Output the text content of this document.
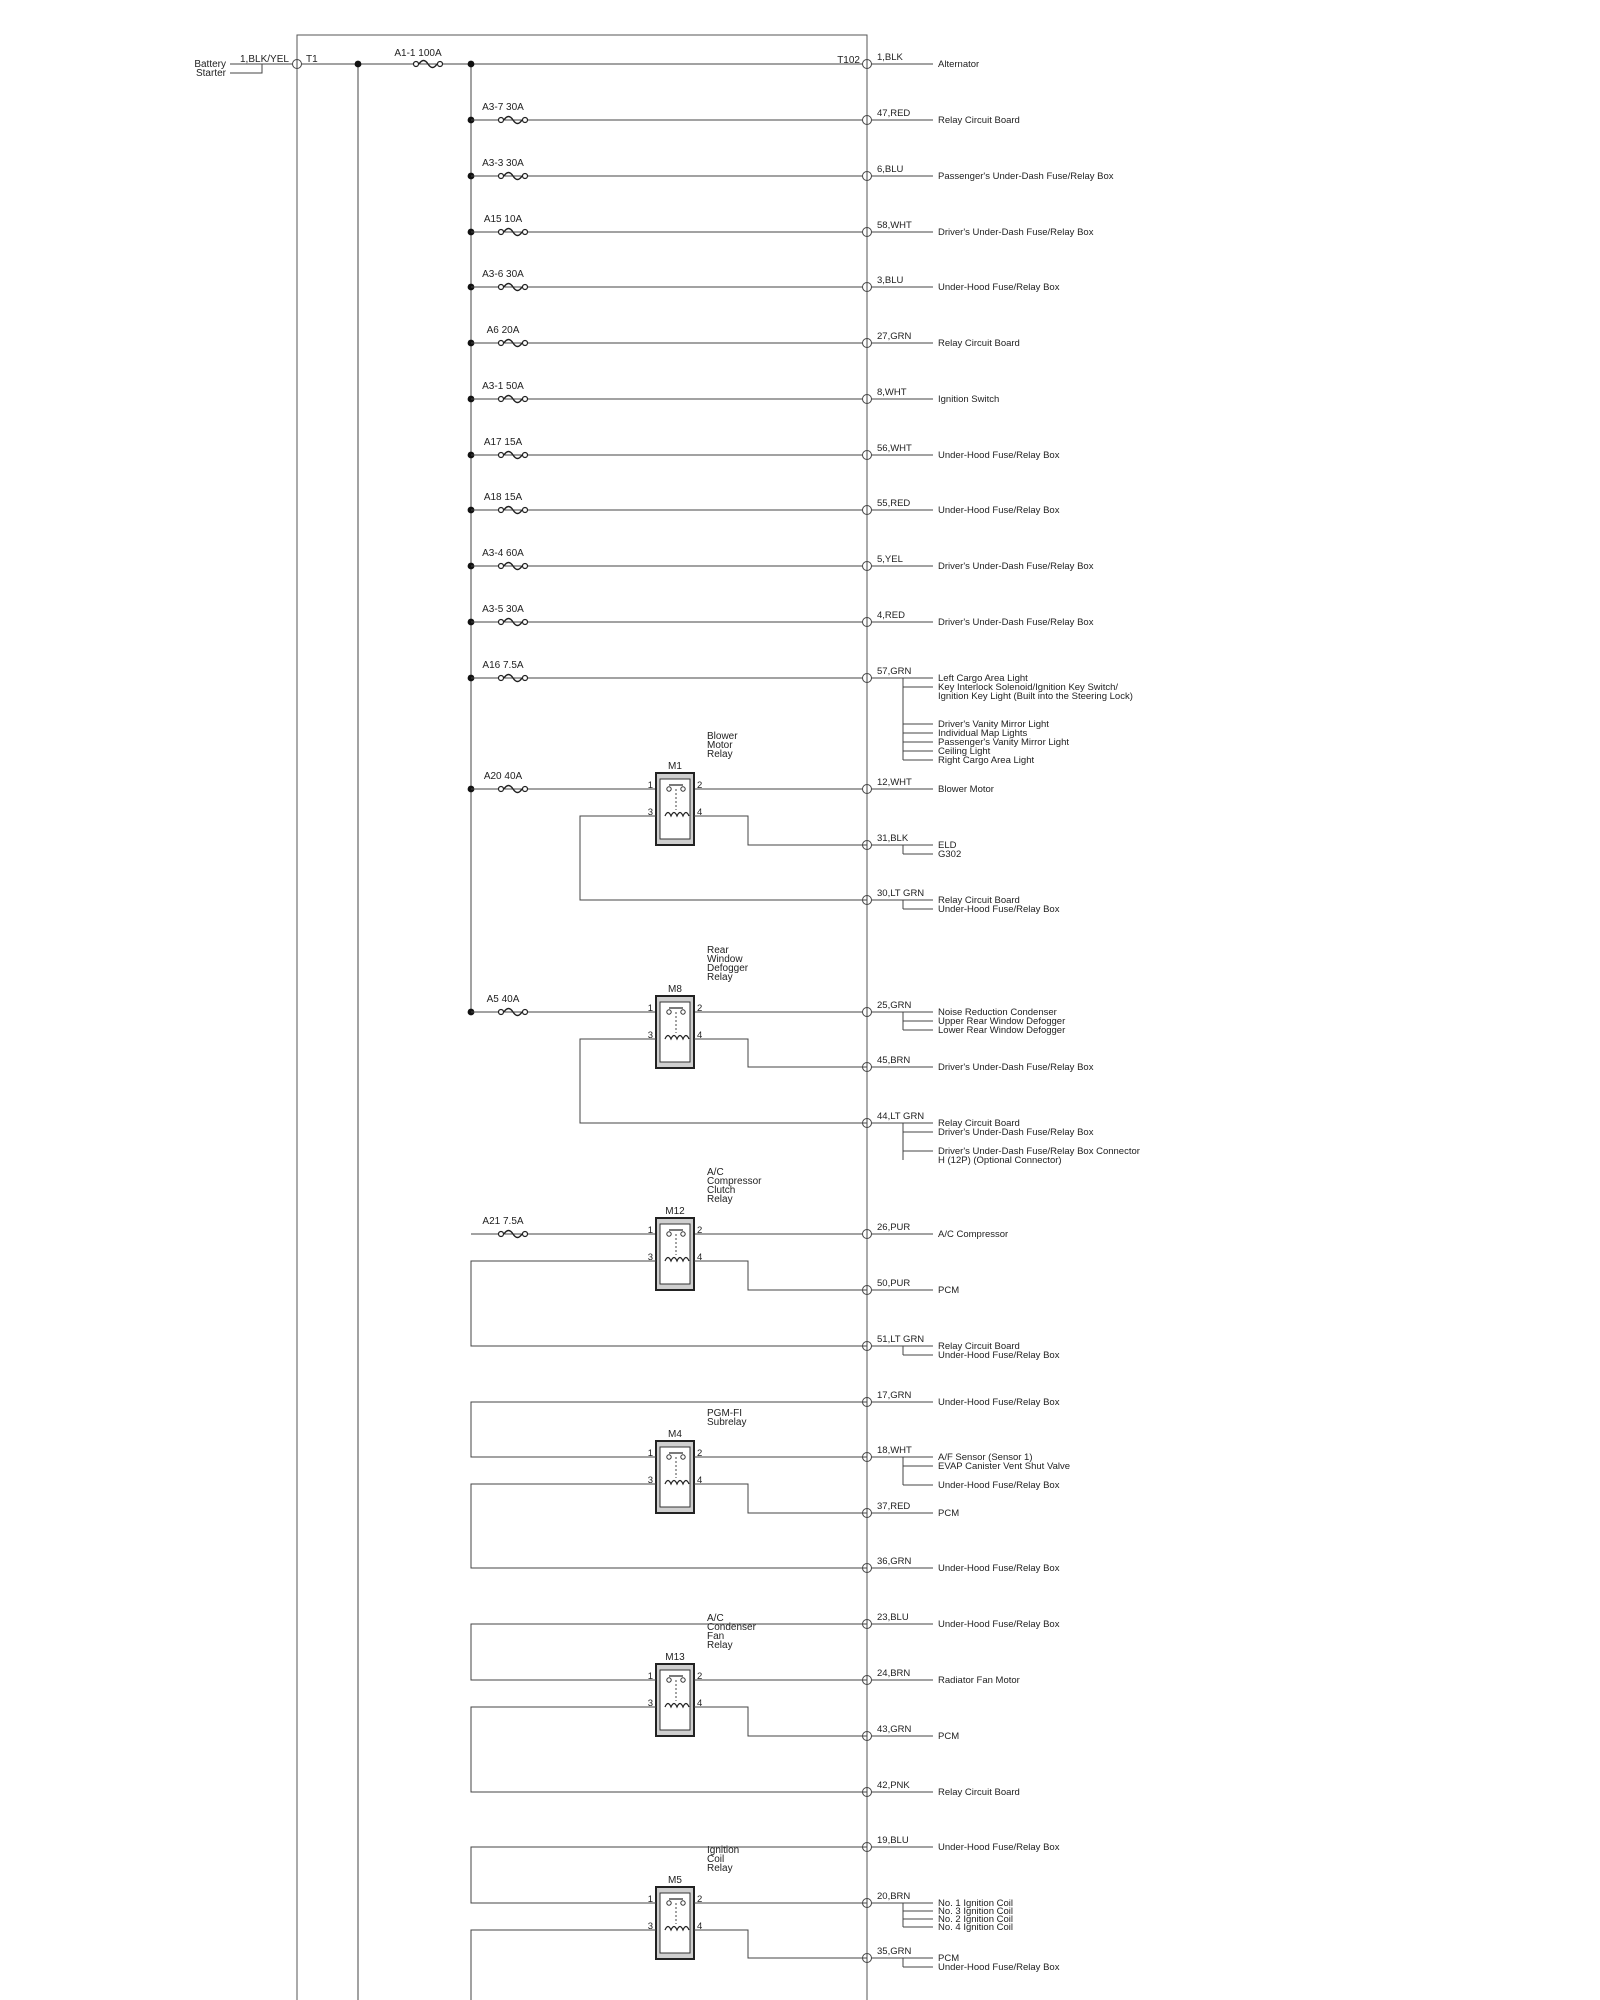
Battery
Starter
1,BLK/YEL T1
A1-1 100A
T102 1,BLK
Alternator
A3-7 30A
47,RED
Relay Circuit Board
A3-3 30A
6,BLU
Passenger's Under-Dash Fuse/Relay Box
A15 10A
58,WHT
Driver's Under-Dash Fuse/Relay Box
A3-6 30A
3,BLU
Under-Hood Fuse/Relay Box
A6 20A
27,GRN
Relay Circuit Board
A3-1 50A
8,WHT
Ignition Switch
A17 15A
56,WHT
Under-Hood Fuse/Relay Box
A18 15A
55,RED
Under-Hood Fuse/Relay Box
A3-4 60A
5,YEL
Driver's Under-Dash Fuse/Relay Box
A3-5 30A
4,RED
Driver's Under-Dash Fuse/Relay Box
A16 7.5A
57,GRN
Left Cargo Area Light
Key Interlock Solenoid/Ignition Key Switch/
Ignition Key Light (Built into the Steering Lock)
Driver's Vanity Mirror Light
Individual Map Lights
Passenger's Vanity Mirror Light
Ceiling Light
Right Cargo Area Light
A20 40A
12,WHT
Blower Motor
31,BLK
ELD
G302
30,LT GRN
Relay Circuit Board
Under-Hood Fuse/Relay Box
A5 40A
25,GRN
Noise Reduction Condenser
Upper Rear Window Defogger
Lower Rear Window Defogger
45,BRN
Driver's Under-Dash Fuse/Relay Box
44,LT GRN
Relay Circuit Board
Driver's Under-Dash Fuse/Relay Box
Driver's Under-Dash Fuse/Relay Box Connector
H (12P) (Optional Connector)
A21 7.5A
26,PUR
A/C Compressor
50,PUR
PCM
51,LT GRN
Relay Circuit Board
Under-Hood Fuse/Relay Box
17,GRN
Under-Hood Fuse/Relay Box
18,WHT
A/F Sensor (Sensor 1)
EVAP Canister Vent Shut Valve
Under-Hood Fuse/Relay Box
37,RED
PCM
36,GRN
Under-Hood Fuse/Relay Box
23,BLU
Under-Hood Fuse/Relay Box
24,BRN
Radiator Fan Motor
43,GRN
PCM
42,PNK
Relay Circuit Board
19,BLU
Under-Hood Fuse/Relay Box
20,BRN
No. 1 Ignition Coil
No. 3 Ignition Coil
No. 2 Ignition Coil
No. 4 Ignition Coil
35,GRN
PCM
Under-Hood Fuse/Relay Box
1	2
3	4
M1
Blower
Motor
Relay
1	2
3	4
M8
Rear
Window
Defogger
Relay
1	2
3	4
M12
A/C
Compressor
Clutch
Relay
1	2
3	4
M4
PGM-FI
Subrelay
1	2
3	4
M13
A/C
Condenser
Fan
Relay
1	2
3	4
M5
Ignition
Coil
Relay
